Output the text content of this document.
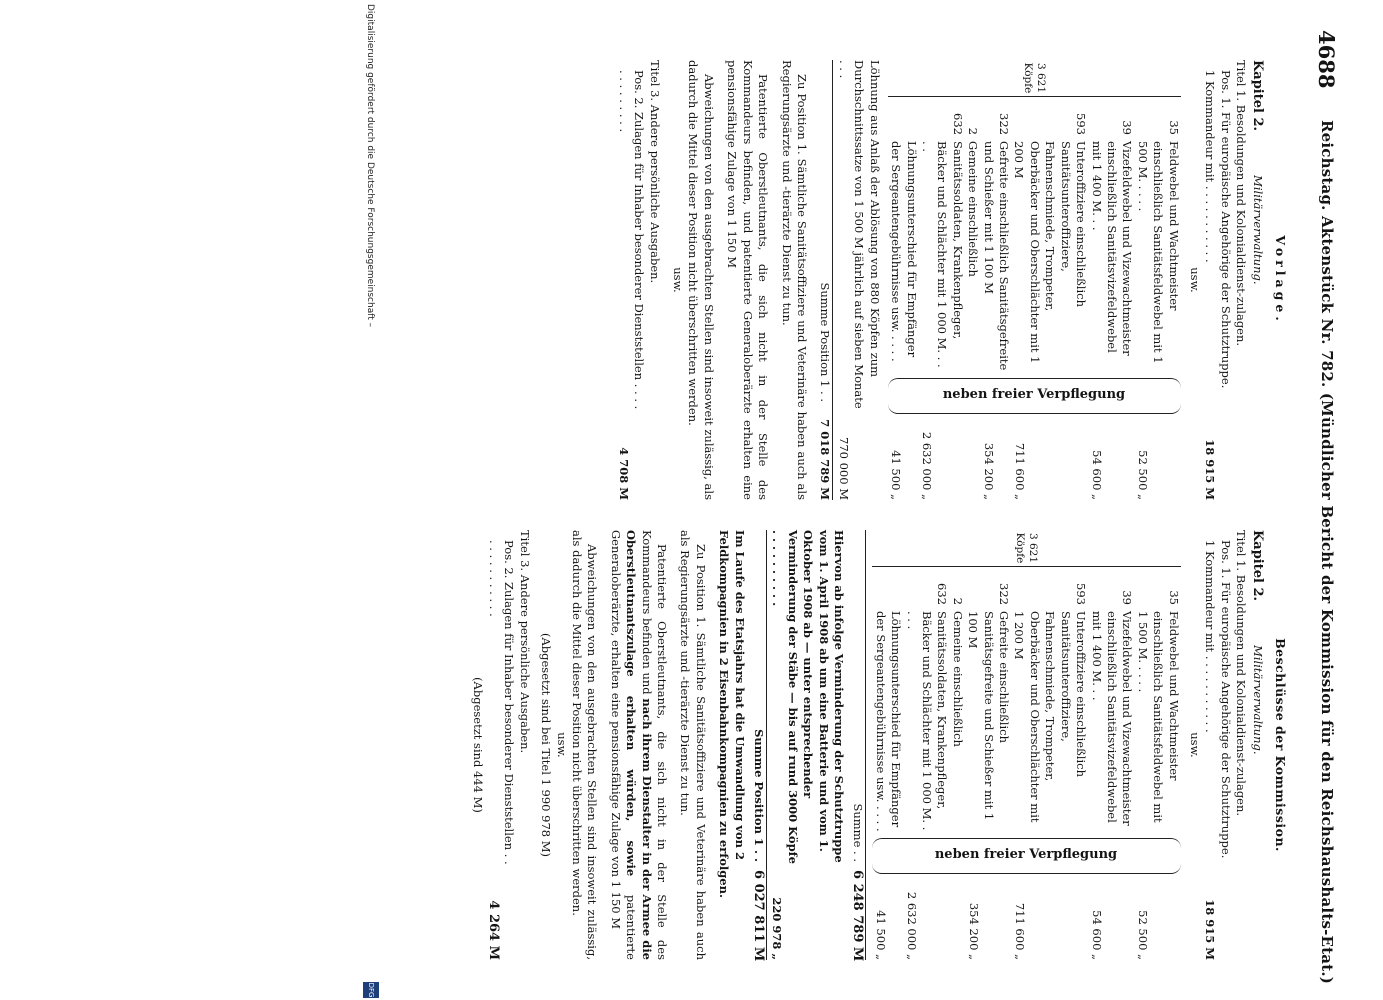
4688
Reichstag. Aktenstück Nr. 782. (Mündlicher Bericht der Kommission für den Reichshaushalts-Etat.)
Vorlage.
Kapitel 2. Militärverwaltung.
Titel 1. Besoldungen und Kolonialdienst-zulagen.
Pos. 1. Für europäische Angehörige der Schutztruppe.
1 Kommandeur mit . . . . . . . . . . .
18 915 M
usw.
3 621 Köpfe
35
Feldwebel und Wachtmeister einschließlich Sanitätsfeldwebel mit 1 500 M. . . . .
39
Vizefeldwebel und Vizewachtmeister einschließlich Sanitätsvizefeldwebel mit 1 400 M. . .
593
Unteroffiziere einschließlich Sanitätsunteroffiziere, Fahnenschmiede, Trompeter, Oberbäcker und Oberschlächter mit 1 200 M
322
Gefreite einschließlich Sanitätsgefreite und Schießer mit 1 100 M
2 632
Gemeine einschließlich Sanitätssoldaten, Krankenpfleger, Bäcker und Schlächter mit 1 000 M. . . . .
Löhnungsunterschied für Empfänger der Sergeantengebührnisse usw. . . . .
neben freier Verpflegung
52 500 „
54 600 „
711 600 „
354 200 „
2 632 000 „
41 500 „
Löhnung aus Anlaß der Ablösung von 880 Köpfen zum Durchschnittssatze von 1 500 M jährlich auf sieben Monate . . .
770 000 M
Summe Position 1 . .
7 018 789 M
Zu Position 1. Sämtliche Sanitätsoffiziere und Veterinäre haben auch als Regierungsärzte und -tierärzte Dienst zu tun.
Patentierte Oberstleutnants, die sich nicht in der Stelle des Kommandeurs befinden, und patentierte Generaloberärzte erhalten eine pensionsfähige Zulage von 1 150 M
Abweichungen von den ausgebrachten Stellen sind insoweit zulässig, als dadurch die Mittel dieser Position nicht überschritten werden.
usw.
Titel 3. Andere persönliche Ausgaben.
Pos. 2. Zulagen für Inhaber besonderer Dienststellen . . . . . . . . . . . . .
4 708 M
Beschlüsse der Kommission.
Kapitel 2. Militärverwaltung.
Titel 1. Besoldungen und Kolonialdienst-zulagen.
Pos. 1. Für europäische Angehörige der Schutztruppe.
1 Kommandeur mit . . . . . . . . . . .
18 915 M
usw.
3 621 Köpfe
35
Feldwebel und Wachtmeister einschließlich Sanitätsfeldwebel mit 1 500 M. . . . .
39
Vizefeldwebel und Vizewachtmeister einschließlich Sanitätsvizefeldwebel mit 1 400 M. . .
593
Unteroffiziere einschließlich Sanitätsunteroffiziere, Fahnenschmiede, Trompeter, Oberbäcker und Oberschlächter mit 1 200 M
322
Gefreite einschließlich Sanitätsgefreite und Schießer mit 1 100 M
2 632
Gemeine einschließlich Sanitätssoldaten, Krankenpfleger, Bäcker und Schlächter mit 1 000 M. . . . .
Löhnungsunterschied für Empfänger der Sergeantengebührnisse usw. . . . .
neben freier Verpflegung
52 500 „
54 600 „
711 600 „
354 200 „
2 632 000 „
41 500 „
Summe . .
6 248 789 M
Hiervon ab infolge Verminderung der Schutztruppe vom 1. April 1908 ab um eine Batterie und vom 1. Oktober 1908 ab — unter entsprechender Verminderung der Stäbe — bis auf rund 3000 Köpfe . . . . . . . . . .
220 978 „
Summe Position 1 . .
6 027 811 M
Im Laufe des Etatsjahrs hat die Umwandlung von 2 Feldkompagnien in 2 Eisenbahnkompagnien zu erfolgen.
Zu Position 1. Sämtliche Sanitätsoffiziere und Veterinäre haben auch als Regierungsärzte und -tierärzte Dienst zu tun.
Patentierte Oberstleutnants, die sich nicht in der Stelle des Kommandeurs befinden und nach ihrem Dienstalter in der Armee die Oberstleutnantszulage erhalten würden, sowie patentierte Generaloberärzte, erhalten eine pensionsfähige Zulage von 1 150 M
Abweichungen von den ausgebrachten Stellen sind insoweit zulässig, als dadurch die Mittel dieser Position nicht überschritten werden.
usw.
(Abgesetzt sind bei Titel 1 990 978 M)
Titel 3. Andere persönliche Ausgaben.
Pos. 2. Zulagen für Inhaber besonderer Dienststellen . . . . . . . . . . . . .
4 264 M
(Abgesetzt sind 444 M)
Digitalisierung gefördert durch die Deutsche Forschungsgemeinschaft –
DFG
